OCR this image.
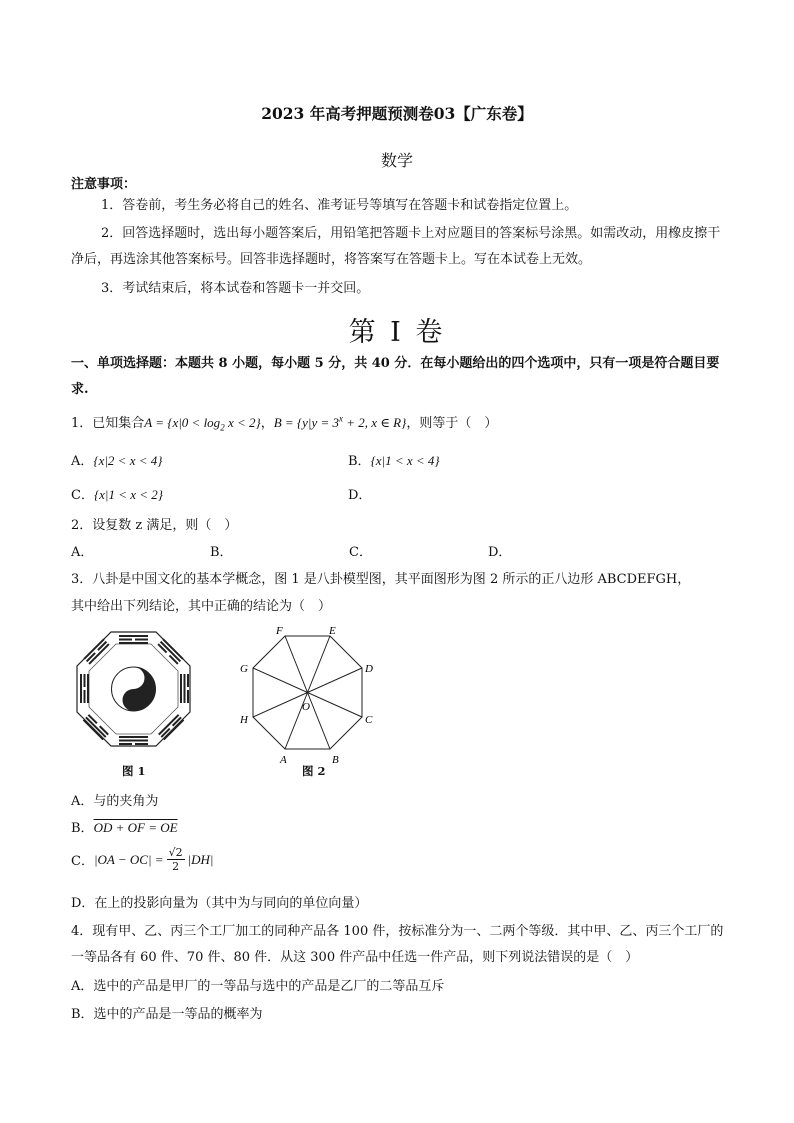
2023 年高考押题预测卷03【广东卷】
数学
注意事项：
1．答卷前，考生务必将自己的姓名、准考证号等填写在答题卡和试卷指定位置上。
2．回答选择题时，选出每小题答案后，用铅笔把答题卡上对应题目的答案标号涂黑。如需改动，用橡皮擦干净后，再选涂其他答案标号。回答非选择题时，将答案写在答题卡上。写在本试卷上无效。
3．考试结束后，将本试卷和答题卡一并交回。
第 I 卷
一、单项选择题：本题共 8 小题，每小题 5 分，共 40 分．在每小题给出的四个选项中，只有一项是符合题目要求.
1．已知集合$A = \{x|0 < \log_2 x < 2\}$，$B = \{y|y = 3^x + 2$, x ∈ R}，则等于（　）
A．{x|2 < x < 4}	B．{x|1 < x < 4}
C．{x|1 < x < 2}	D．
2．设复数 z 满足，则（　）
A．	B．	C．	D．
3．八卦是中国文化的基本学概念，图 1 是八卦模型图，其平面图形为图 2 所示的正八边形 ABCDEFGH，
其中给出下列结论，其中正确的结论为（　）
图 1
A	B
C
D
E
F
G
H
O
图 2
A．与的夹角为
B．OD + OF = OE
C． $|OA - OC| = \frac{√2}{2} |DH|$
D．在上的投影向量为（其中为与同向的单位向量）
4．现有甲、乙、丙三个工厂加工的同种产品各 100 件，按标准分为一、二两个等级．其中甲、乙、丙三个工厂的
一等品各有 60 件、70 件、80 件．从这 300 件产品中任选一件产品，则下列说法错误的是（　）
A．选中的产品是甲厂的一等品与选中的产品是乙厂的二等品互斥
B．选中的产品是一等品的概率为
